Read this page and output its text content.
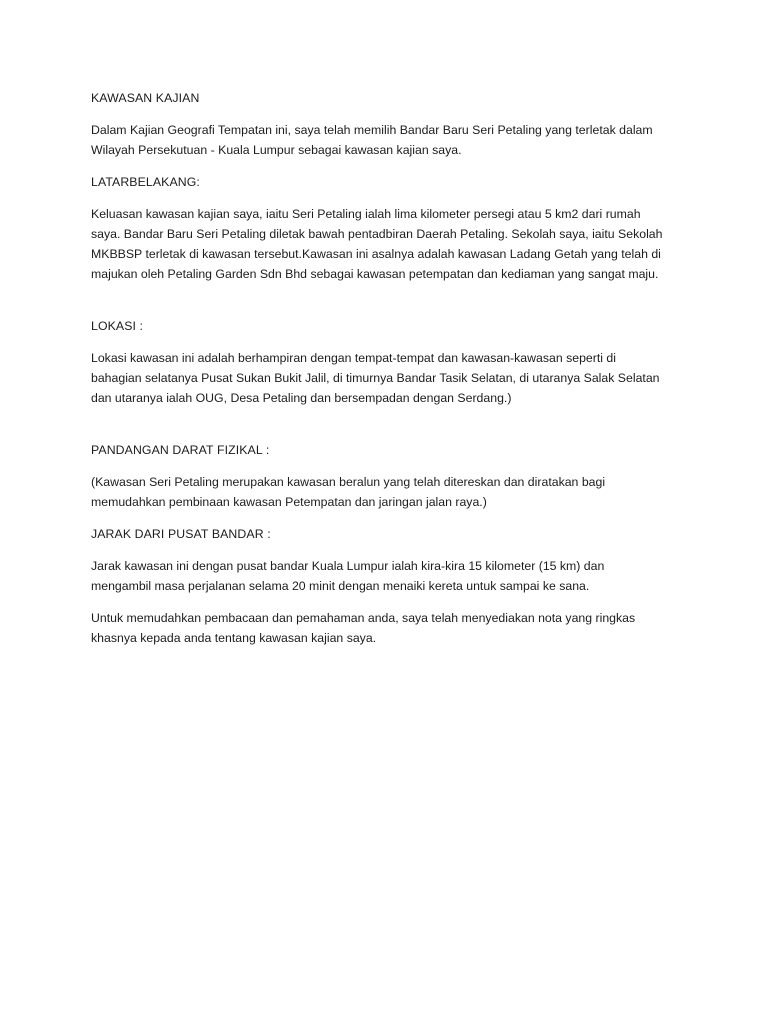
KAWASAN KAJIAN

Dalam Kajian Geografi Tempatan ini, saya telah memilih Bandar Baru Seri Petaling yang terletak dalam
Wilayah Persekutuan - Kuala Lumpur sebagai kawasan kajian saya.

LATARBELAKANG:

Keluasan kawasan kajian saya, iaitu Seri Petaling ialah lima kilometer persegi atau 5 km2 dari rumah
saya. Bandar Baru Seri Petaling diletak bawah pentadbiran Daerah Petaling. Sekolah saya, iaitu Sekolah
MKBBSP terletak di kawasan tersebut.Kawasan ini asalnya adalah kawasan Ladang Getah yang telah di
majukan oleh Petaling Garden Sdn Bhd sebagai kawasan petempatan dan kediaman yang sangat maju.

LOKASI :

Lokasi kawasan ini adalah berhampiran dengan tempat-tempat dan kawasan-kawasan seperti di
bahagian selatanya Pusat Sukan Bukit Jalil, di timurnya Bandar Tasik Selatan, di utaranya Salak Selatan
dan utaranya ialah OUG, Desa Petaling dan bersempadan dengan Serdang.)

PANDANGAN DARAT FIZIKAL :

(Kawasan Seri Petaling merupakan kawasan beralun yang telah ditereskan dan diratakan bagi
memudahkan pembinaan kawasan Petempatan dan jaringan jalan raya.)

JARAK DARI PUSAT BANDAR :

Jarak kawasan ini dengan pusat bandar Kuala Lumpur ialah kira-kira 15 kilometer (15 km) dan
mengambil masa perjalanan selama 20 minit dengan menaiki kereta untuk sampai ke sana.

Untuk memudahkan pembacaan dan pemahaman anda, saya telah menyediakan nota yang ringkas
khasnya kepada anda tentang kawasan kajian saya.
